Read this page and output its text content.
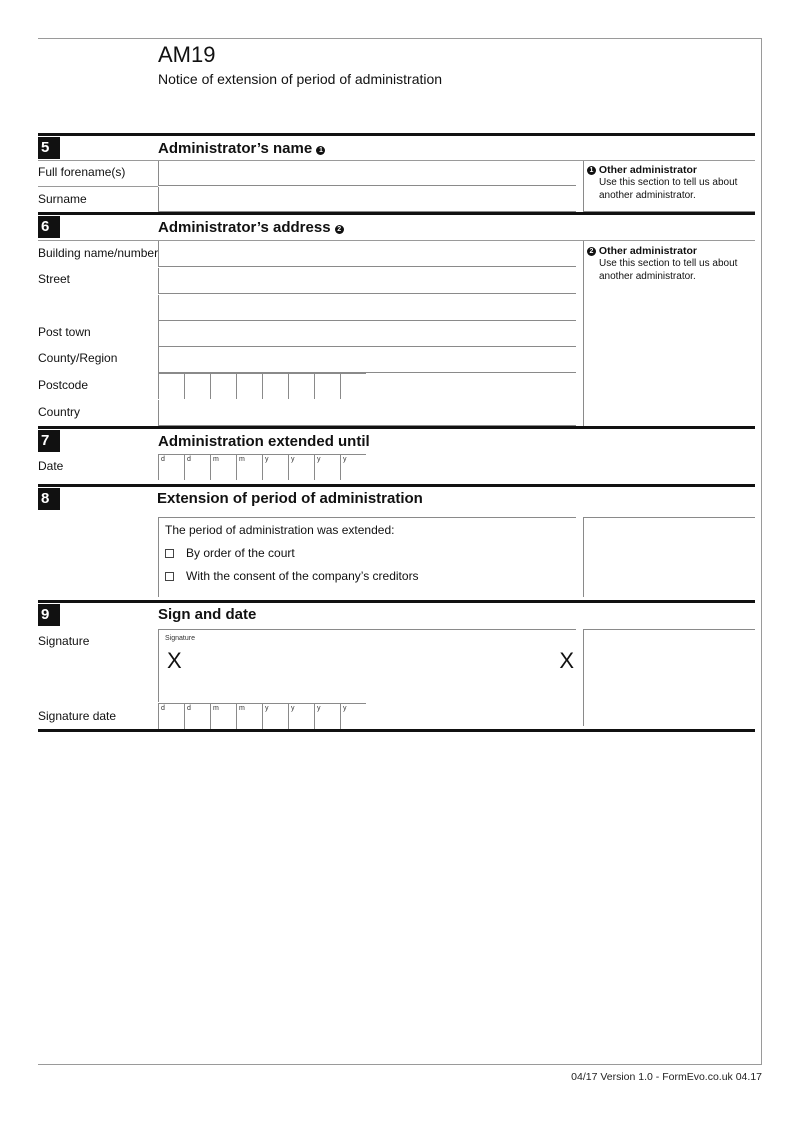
AM19
Notice of extension of period of administration
5	Administrator’s name 1
Full forename(s)
Surname
1 Other administrator
Use this section to tell us about
another administrator.
6	Administrator’s address 2
Building name/number
Street
Post town
County/Region
Postcode
Country
2 Other administrator
Use this section to tell us about
another administrator.
7	Administration extended until
Date	d	d	m	m	y	y	y	y
8	Extension of period of administration
The period of administration was extended:
By order of the court
With the consent of the company’s creditors
9	Sign and date
Signature	Signature
X	X
Signature date
d	d	m	m	y	y	y	y
04/17 Version 1.0 - FormEvo.co.uk 04.17
